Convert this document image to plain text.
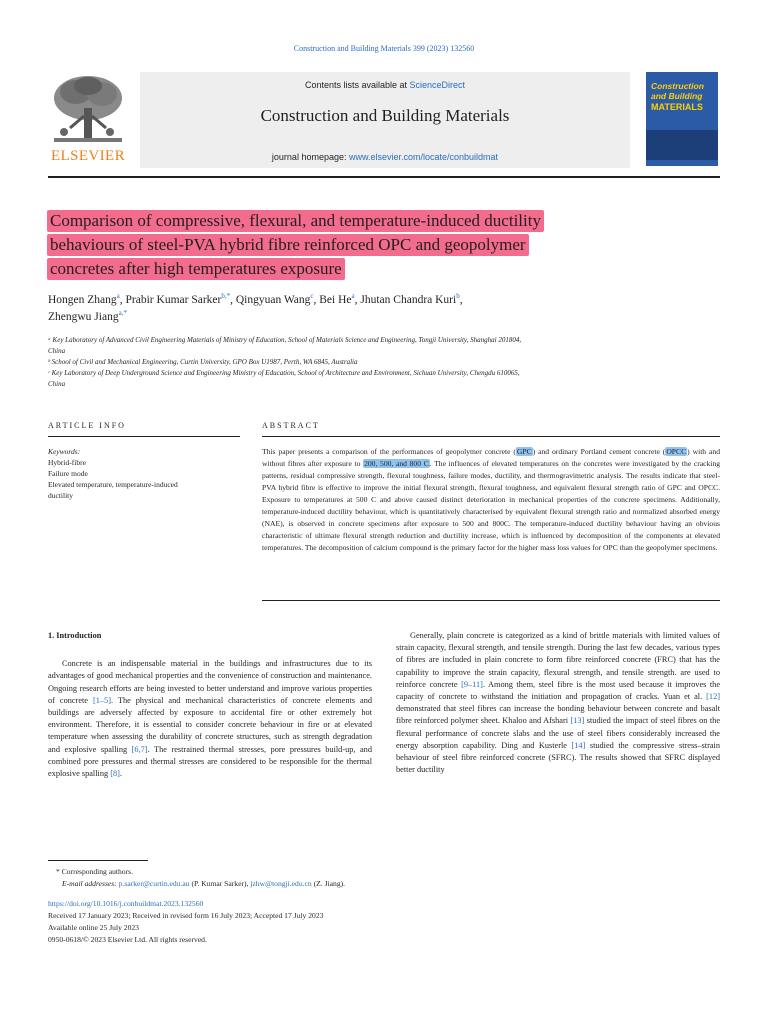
Construction and Building Materials 399 (2023) 132560
ELSEVIER
Contents lists available at ScienceDirect
Construction and Building Materials
journal homepage: www.elsevier.com/locate/conbuildmat
Construction
and Building
MATERIALS
Comparison of compressive, flexural, and temperature-induced ductility
behaviours of steel-PVA hybrid fibre reinforced OPC and geopolymer
concretes after high temperatures exposure
Hongen Zhang$^a$, Prabir Kumar Sarker$^{b,*}$, Qingyuan Wang$^c$, Bei He$^a$, Jhutan Chandra Kuri$^b$,
Zhengwu Jiang$^{a,*}$
ᵃ Key Laboratory of Advanced Civil Engineering Materials of Ministry of Education, School of Materials Science and Engineering, Tongji University, Shanghai 201804,
China
ᵇ School of Civil and Mechanical Engineering, Curtin University, GPO Box U1987, Perth, WA 6845, Australia
ᶜ Key Laboratory of Deep Underground Science and Engineering Ministry of Education, School of Architecture and Environment, Sichuan University, Chengdu 610065,
China
ARTICLE INFO	ABSTRACT
Keywords:
Hybrid-fibre
Failure mode
Elevated temperature, temperature-induced
ductility
This paper presents a comparison of the performances of geopolymer concrete (GPC) and ordinary Portland cement concrete (OPCC) with and without fibres after exposure to 200, 500, and 800 C. The influences of elevated temperatures on the concretes were investigated by the cracking patterns, residual compressive strength, flexural toughness, failure modes, ductility, and thermogravimetric analysis. The results indicate that steel-PVA hybrid fibre is effective to improve the initial flexural strength, flexural toughness, and equivalent flexural strength ratio of GPC and OPCC. Exposure to temperatures at 500 C and above caused distinct deterioration in mechanical properties of the concrete specimens. Additionally, temperature-induced ductility behaviour, which is quantitatively characterised by equivalent flexural strength ratio and normalized absorbed energy (NAE), is observed in concrete specimens after exposure to 500 and 800C. The temperature-induced ductility behaviour having an obvious characteristic of ultimate flexural strength reduction and ductility increase, which is influenced by decomposition of the components at elevated temperatures. The decomposition of calcium compound is the primary factor for the higher mass loss values for OPC than the geopolymer specimens.
1. Introduction

Concrete is an indispensable material in the buildings and infrastructures due to its advantages of good mechanical properties and the convenience of construction and maintenance. Ongoing research efforts are being invested to better understand and improve various properties of concrete [1–5]. The physical and mechanical characteristics of concrete elements and buildings are adversely affected by exposure to accidental fire or other extremely hot environment. Therefore, it is essential to consider concrete behaviour in fire or at elevated temperature when assessing the durability of concrete structures, such as strength degradation and explosive spalling [6,7]. The restrained thermal stresses, pore pressures build-up, and combined pore pressures and thermal stresses are considered to be responsible for the thermal explosive spalling [8].

Generally, plain concrete is categorized as a kind of brittle materials with limited values of strain capacity, flexural strength, and tensile strength. During the last few decades, various types of fibres are included in plain concrete to form fibre reinforced concrete (FRC) that has the capability to improve the strain capacity, flexural strength, and tensile strength. are used to reinforce concrete [9–11]. Among them, steel fibre is the most used because it improves the capacity of concrete to withstand the initiation and propagation of cracks. Yuan et al. [12] demonstrated that steel fibres can increase the bonding behaviour between concrete and basalt fibre reinforced polymer sheet. Khaloo and Afshari [13] studied the impact of steel fibres on the flexural performance of concrete slabs and the use of steel fibers considerably increased the energy absorption capability. Ding and Kusterle [14] studied the compressive stress–strain behaviour of steel fibre reinforced concrete (SFRC). The results showed that SFRC displayed better ductility

* Corresponding authors.
E-mail addresses: p.sarker@curtin.edu.au (P. Kumar Sarker), jzhw@tongji.edu.cn (Z. Jiang).
https://doi.org/10.1016/j.conbuildmat.2023.132560
Received 17 January 2023; Received in revised form 16 July 2023; Accepted 17 July 2023
Available online 25 July 2023
0950-0618/© 2023 Elsevier Ltd. All rights reserved.
